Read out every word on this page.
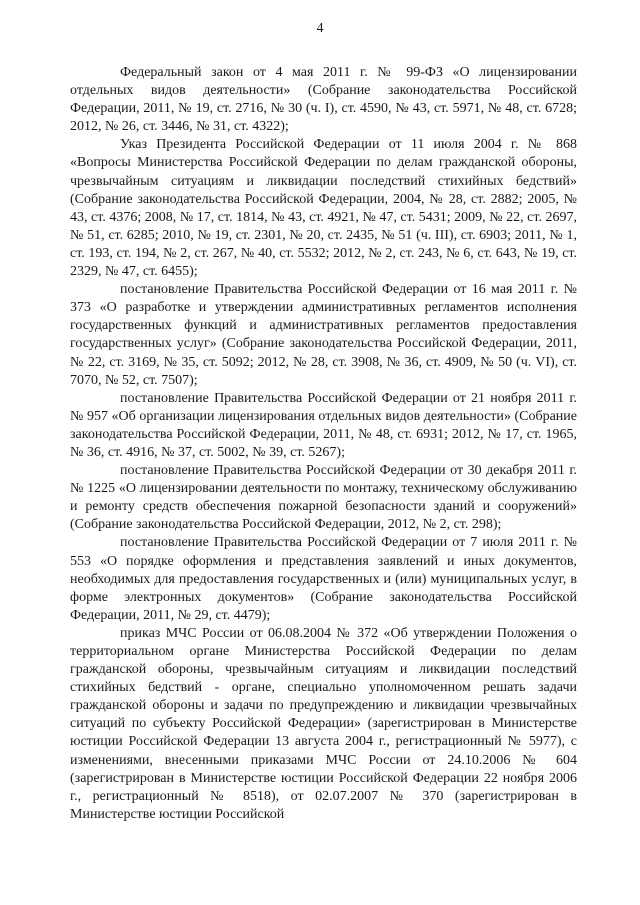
4

Федеральный закон от 4 мая 2011 г. № 99-ФЗ «О лицензировании отдельных видов деятельности» (Собрание законодательства Российской Федерации, 2011, № 19, ст. 2716, № 30 (ч. I), ст. 4590, № 43, ст. 5971, № 48, ст. 6728; 2012, № 26, ст. 3446, № 31, ст. 4322);

Указ Президента Российской Федерации от 11 июля 2004 г. № 868 «Вопросы Министерства Российской Федерации по делам гражданской обороны, чрезвычайным ситуациям и ликвидации последствий стихийных бедствий» (Собрание законодательства Российской Федерации, 2004, № 28, ст. 2882; 2005, № 43, ст. 4376; 2008, № 17, ст. 1814, № 43, ст. 4921, № 47, ст. 5431; 2009, № 22, ст. 2697, № 51, ст. 6285; 2010, № 19, ст. 2301, № 20, ст. 2435, № 51 (ч. III), ст. 6903; 2011, № 1, ст. 193, ст. 194, № 2, ст. 267, № 40, ст. 5532; 2012, № 2, ст. 243, № 6, ст. 643, № 19, ст. 2329, № 47, ст. 6455);

постановление Правительства Российской Федерации от 16 мая 2011 г. № 373 «О разработке и утверждении административных регламентов исполнения государственных функций и административных регламентов предоставления государственных услуг» (Собрание законодательства Российской Федерации, 2011, № 22, ст. 3169, № 35, ст. 5092; 2012, № 28, ст. 3908, № 36, ст. 4909, № 50 (ч. VI), ст. 7070, № 52, ст. 7507);

постановление Правительства Российской Федерации от 21 ноября 2011 г. № 957 «Об организации лицензирования отдельных видов деятельности» (Собрание законодательства Российской Федерации, 2011, № 48, ст. 6931; 2012, № 17, ст. 1965, № 36, ст. 4916, № 37, ст. 5002, № 39, ст. 5267);

постановление Правительства Российской Федерации от 30 декабря 2011 г. № 1225 «О лицензировании деятельности по монтажу, техническому обслуживанию и ремонту средств обеспечения пожарной безопасности зданий и сооружений» (Собрание законодательства Российской Федерации, 2012, № 2, ст. 298);

постановление Правительства Российской Федерации от 7 июля 2011 г. № 553 «О порядке оформления и представления заявлений и иных документов, необходимых для предоставления государственных и (или) муниципальных услуг, в форме электронных документов» (Собрание законодательства Российской Федерации, 2011, № 29, ст. 4479);

приказ МЧС России от 06.08.2004 № 372 «Об утверждении Положения о территориальном органе Министерства Российской Федерации по делам гражданской обороны, чрезвычайным ситуациям и ликвидации последствий стихийных бедствий - органе, специально уполномоченном решать задачи гражданской обороны и задачи по предупреждению и ликвидации чрезвычайных ситуаций по субъекту Российской Федерации» (зарегистрирован в Министерстве юстиции Российской Федерации 13 августа 2004 г., регистрационный № 5977), с изменениями, внесенными приказами МЧС России от 24.10.2006 № 604 (зарегистрирован в Министерстве юстиции Российской Федерации 22 ноября 2006 г., регистрационный № 8518), от 02.07.2007 № 370 (зарегистрирован в Министерстве юстиции Российской
